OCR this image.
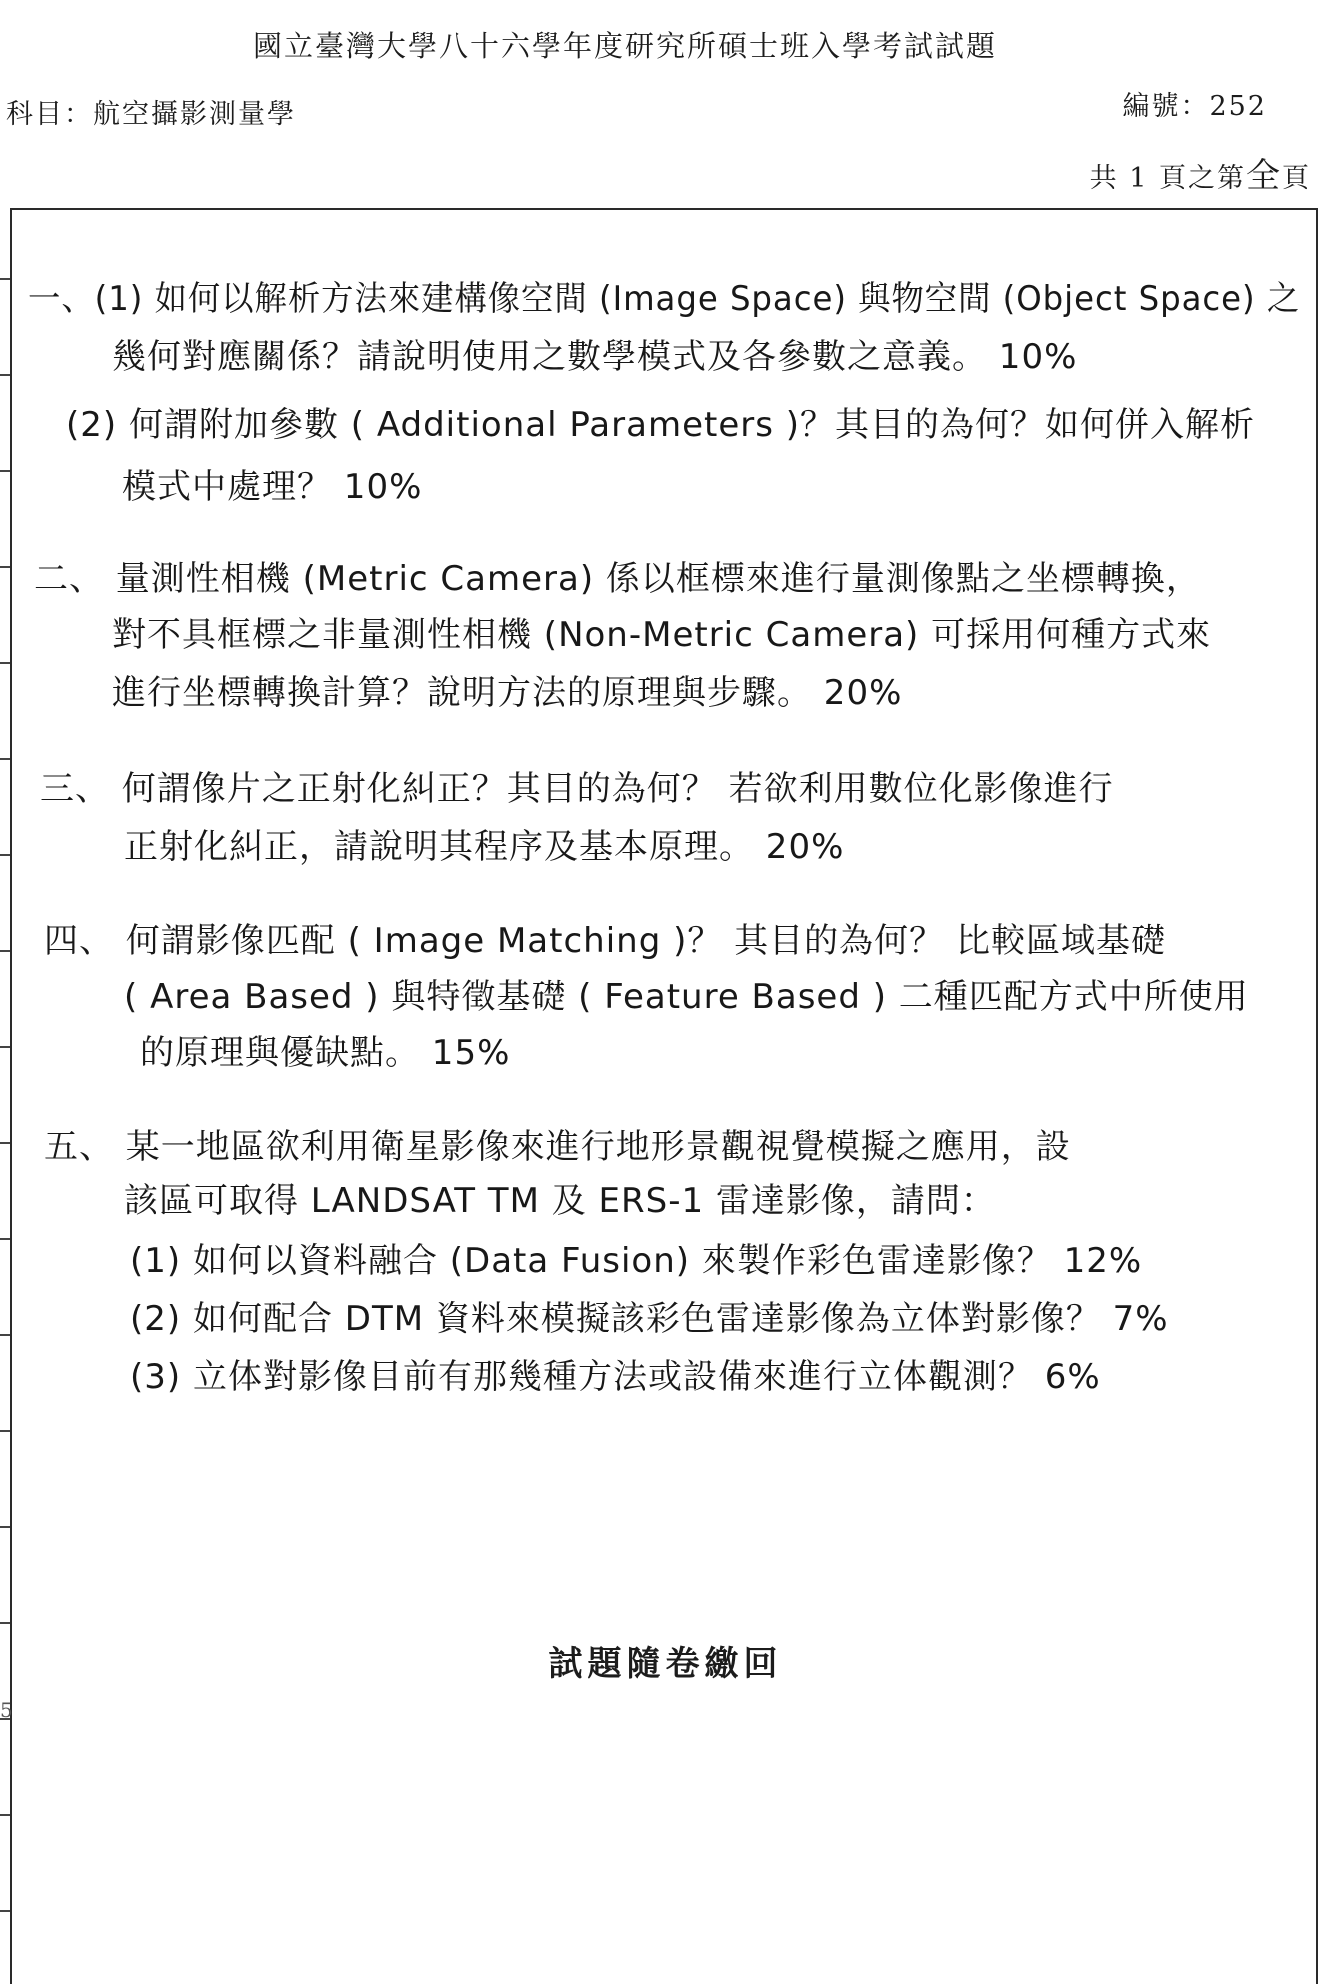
國立臺灣大學八十六學年度研究所碩士班入學考試試題
科目：航空攝影測量學	編號：252
共 1 頁之第全頁
一、(1) 如何以解析方法來建構像空間 (Image Space) 與物空間 (Object Space) 之
幾何對應關係？請說明使用之數學模式及各參數之意義。 10%
(2) 何謂附加參數 ( Additional Parameters )？其目的為何？如何併入解析
模式中處理？ 10%
二、 量測性相機 (Metric Camera) 係以框標來進行量測像點之坐標轉換，
對不具框標之非量測性相機 (Non-Metric Camera) 可採用何種方式來
進行坐標轉換計算？說明方法的原理與步驟。 20%
三、 何謂像片之正射化糾正？其目的為何？ 若欲利用數位化影像進行
正射化糾正，請說明其程序及基本原理。 20%
四、 何謂影像匹配 ( Image Matching )？ 其目的為何？ 比較區域基礎
( Area Based ) 與特徵基礎 ( Feature Based ) 二種匹配方式中所使用
的原理與優缺點。 15%
五、 某一地區欲利用衛星影像來進行地形景觀視覺模擬之應用，設
該區可取得 LANDSAT TM 及 ERS-1 雷達影像，請問：
(1) 如何以資料融合 (Data Fusion) 來製作彩色雷達影像？ 12%
(2) 如何配合 DTM 資料來模擬該彩色雷達影像為立体對影像？ 7%
(3) 立体對影像目前有那幾種方法或設備來進行立体觀測？ 6%
試題隨卷繳回
5
